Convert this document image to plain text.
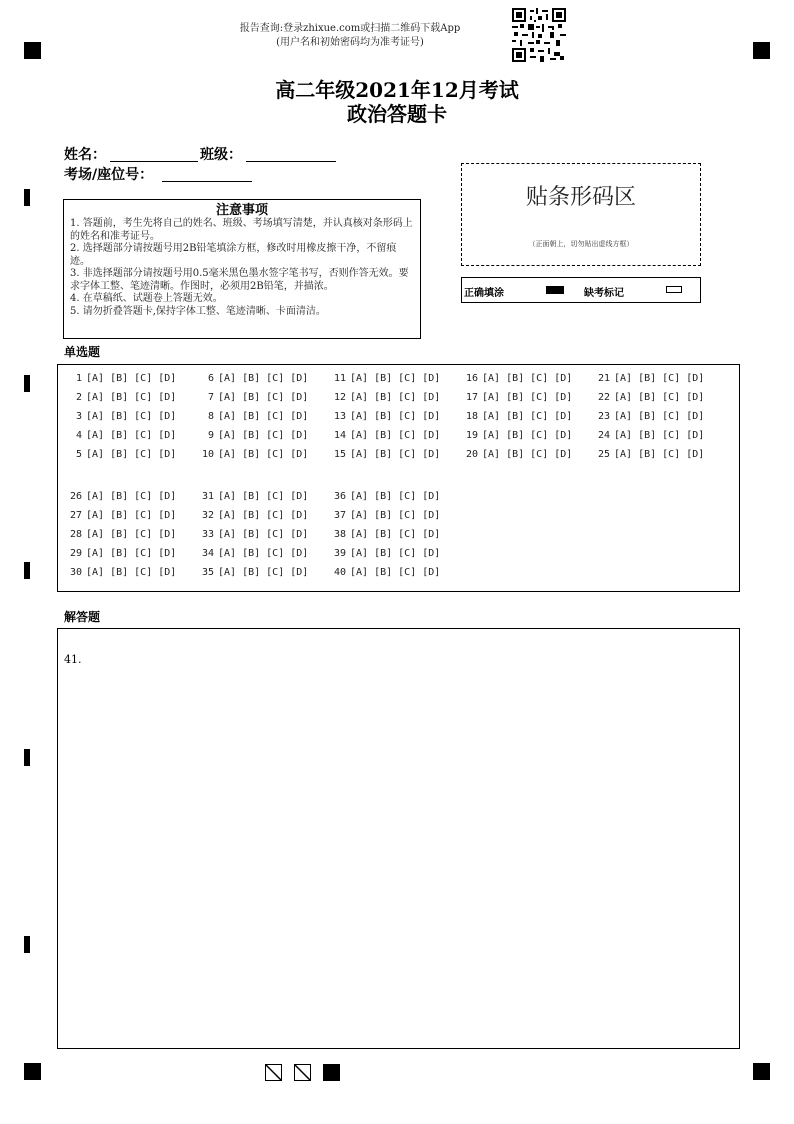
报告查询:登录zhixue.com或扫描二维码下载App
(用户名和初始密码均为准考证号)
高二年级2021年12月考试
政治答题卡
姓名：	班级：
考场/座位号：
注意事项
1. 答题前，考生先将自己的姓名、班级、考场填写清楚，并认真核对条形码上的姓名和准考证号。
2. 选择题部分请按题号用2B铅笔填涂方框，修改时用橡皮擦干净，不留痕迹。
3. 非选择题部分请按题号用0.5毫米黑色墨水签字笔书写，否则作答无效。要求字体工整、笔迹清晰。作图时，必须用2B铅笔，并描浓。
4. 在草稿纸、试题卷上答题无效。
5. 请勿折叠答题卡,保持字体工整、笔迹清晰、卡面清洁。
贴条形码区
（正面朝上，切勿贴出虚线方框）
正确填涂	缺考标记
单选题
1 [A] [B] [C] [D]
2 [A] [B] [C] [D]
3 [A] [B] [C] [D]
4 [A] [B] [C] [D]
5 [A] [B] [C] [D]
6 [A] [B] [C] [D]
7 [A] [B] [C] [D]
8 [A] [B] [C] [D]
9 [A] [B] [C] [D]
10 [A] [B] [C] [D]
11 [A] [B] [C] [D]
12 [A] [B] [C] [D]
13 [A] [B] [C] [D]
14 [A] [B] [C] [D]
15 [A] [B] [C] [D]
16 [A] [B] [C] [D]
17 [A] [B] [C] [D]
18 [A] [B] [C] [D]
19 [A] [B] [C] [D]
20 [A] [B] [C] [D]
21 [A] [B] [C] [D]
22 [A] [B] [C] [D]
23 [A] [B] [C] [D]
24 [A] [B] [C] [D]
25 [A] [B] [C] [D]
26 [A] [B] [C] [D]
27 [A] [B] [C] [D]
28 [A] [B] [C] [D]
29 [A] [B] [C] [D]
30 [A] [B] [C] [D]
31 [A] [B] [C] [D]
32 [A] [B] [C] [D]
33 [A] [B] [C] [D]
34 [A] [B] [C] [D]
35 [A] [B] [C] [D]
36 [A] [B] [C] [D]
37 [A] [B] [C] [D]
38 [A] [B] [C] [D]
39 [A] [B] [C] [D]
40 [A] [B] [C] [D]
解答题
41.
